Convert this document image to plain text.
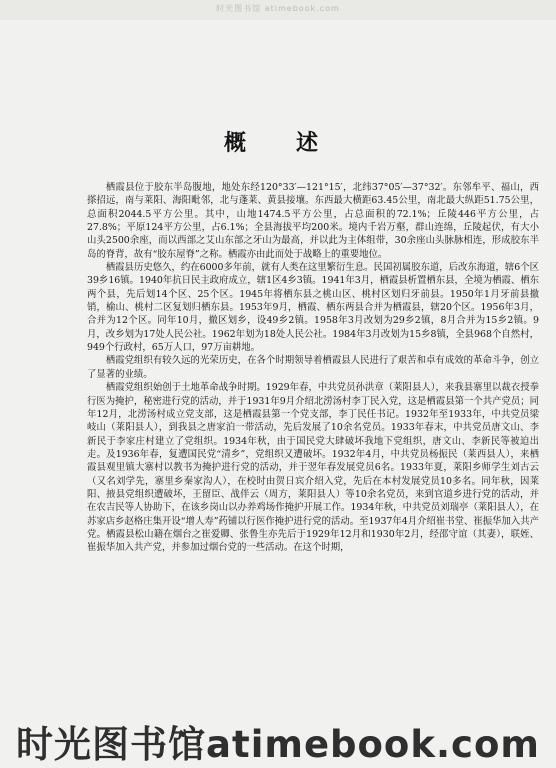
时光图书馆 atimebook.com
概　述

栖霞县位于胶东半岛腹地，地处东经120°33′—121°15′，北纬37°05′—37°32′。东邻牟平、福山，西搽招远，南与莱阳、海阳毗邻，北与蓬莱、黄县接壤。东西最大横距63.45公里，南北最大纵距51.75公里，总面积2044.5平方公里。其中，山地1474.5平方公里，占总面积的72.1%；丘陵446平方公里，占27.8%；平原124平方公里，占6.1%；全县海拔平均200米。境内千岩万壑，群山连绵，丘陵起伏，有大小山头2500余座，而以西部之艾山东部之牙山为最高，并以此为主体组带，30余座山头脉脉相连，形成胶东半岛的脊背，故有“胶东屋脊”之称。栖霞亦由此而处于战略上的重要地位。

栖霞县历史悠久，约在6000多年前，就有人类在这里繁衍生息。民国初属胶东道，后改东海道，辖6个区39乡16镇。1940年抗日民主政府成立，辖1区4乡3镇。1941年3月，栖霞县析置栖东县，全境为栖霞、栖东两个县，先后划14个区、25个区。1945年将栖东县之桃山区、桃村区划归牙前县。1950年1月牙前县撤销，榆山、桃村二区复划归栖东县。1953年9月，栖霞、栖东两县合并为栖霞县，辖20个区。1956年3月，合并为12个区。同年10月，撤区划乡，设49乡2镇。1958年3月改划为29乡2镇，8月合并为15乡2镇。9月，改乡划为17处人民公社。1962年划为18处人民公社。1984年3月改划为15乡8镇，全县968个自然村，949个行政村，65万人口，97万亩耕地。

栖霞党组织有较久远的光荣历史，在各个时期领导着栖霞县人民进行了艰苦和卓有成效的革命斗争，创立了显著的业绩。

栖霞党组织始创于土地革命战争时期。1929年春，中共党员孙洪章（莱阳县人），来我县寨里以裁衣授拳行医为掩护，秘密进行党的活动，并于1931年9月介绍北涝汤村李丁民入党，这是栖霞县第一个共产党员；同年12月，北涝汤村成立党支部，这是栖霞县第一个党支部，李丁民任书记。1932年至1933年，中共党员梁岐山（莱阳县人），到我县之唐家泊一带活动，先后发展了10余名党员。1933年春末，中共党员唐文山、李新民于李家庄村建立了党组织。1934年秋，由于国民党大肆破坏我地下党组织，唐文山、李新民等被迫出走。及1936年春，复遭国民党“清乡”，党组织又遭破坏。1932年4月，中共党员杨振民（莱西县人），来栖霞县观里镇大寨村以教书为掩护进行党的活动，并于翌年春发展党员6名。1933年夏，莱阳乡师学生刘古云（又名刘学先，寨里乡秦家沟人），在校时由贺日宾介绍入党，先后在本村发展党员10多名。同年秋，因莱阳、掖县党组织遭破坏，王留臣、战伴云（周方，莱阳县人）等10余名党员，来到官道乡进行党的活动，并在农吉民等人协助下，在该乡岗山以办养鸡场作掩护开展工作。1934年秋，中共党员刘瑞亭（莱阳县人），在苏家店乡赵格庄集开设“增人寿”药铺以行医作掩护进行党的活动。至1937年4月介绍崔书堂、崔振华加入共产党。栖霞县松山籍在烟台之崔爱卿、张鲁生亦先后于1929年12月和1930年2月，经邵守谊（其妻），联姪、崔振华加入共产党，并参加过烟台党的一些活动。在这个时期，

时光图书馆atimebook.com
